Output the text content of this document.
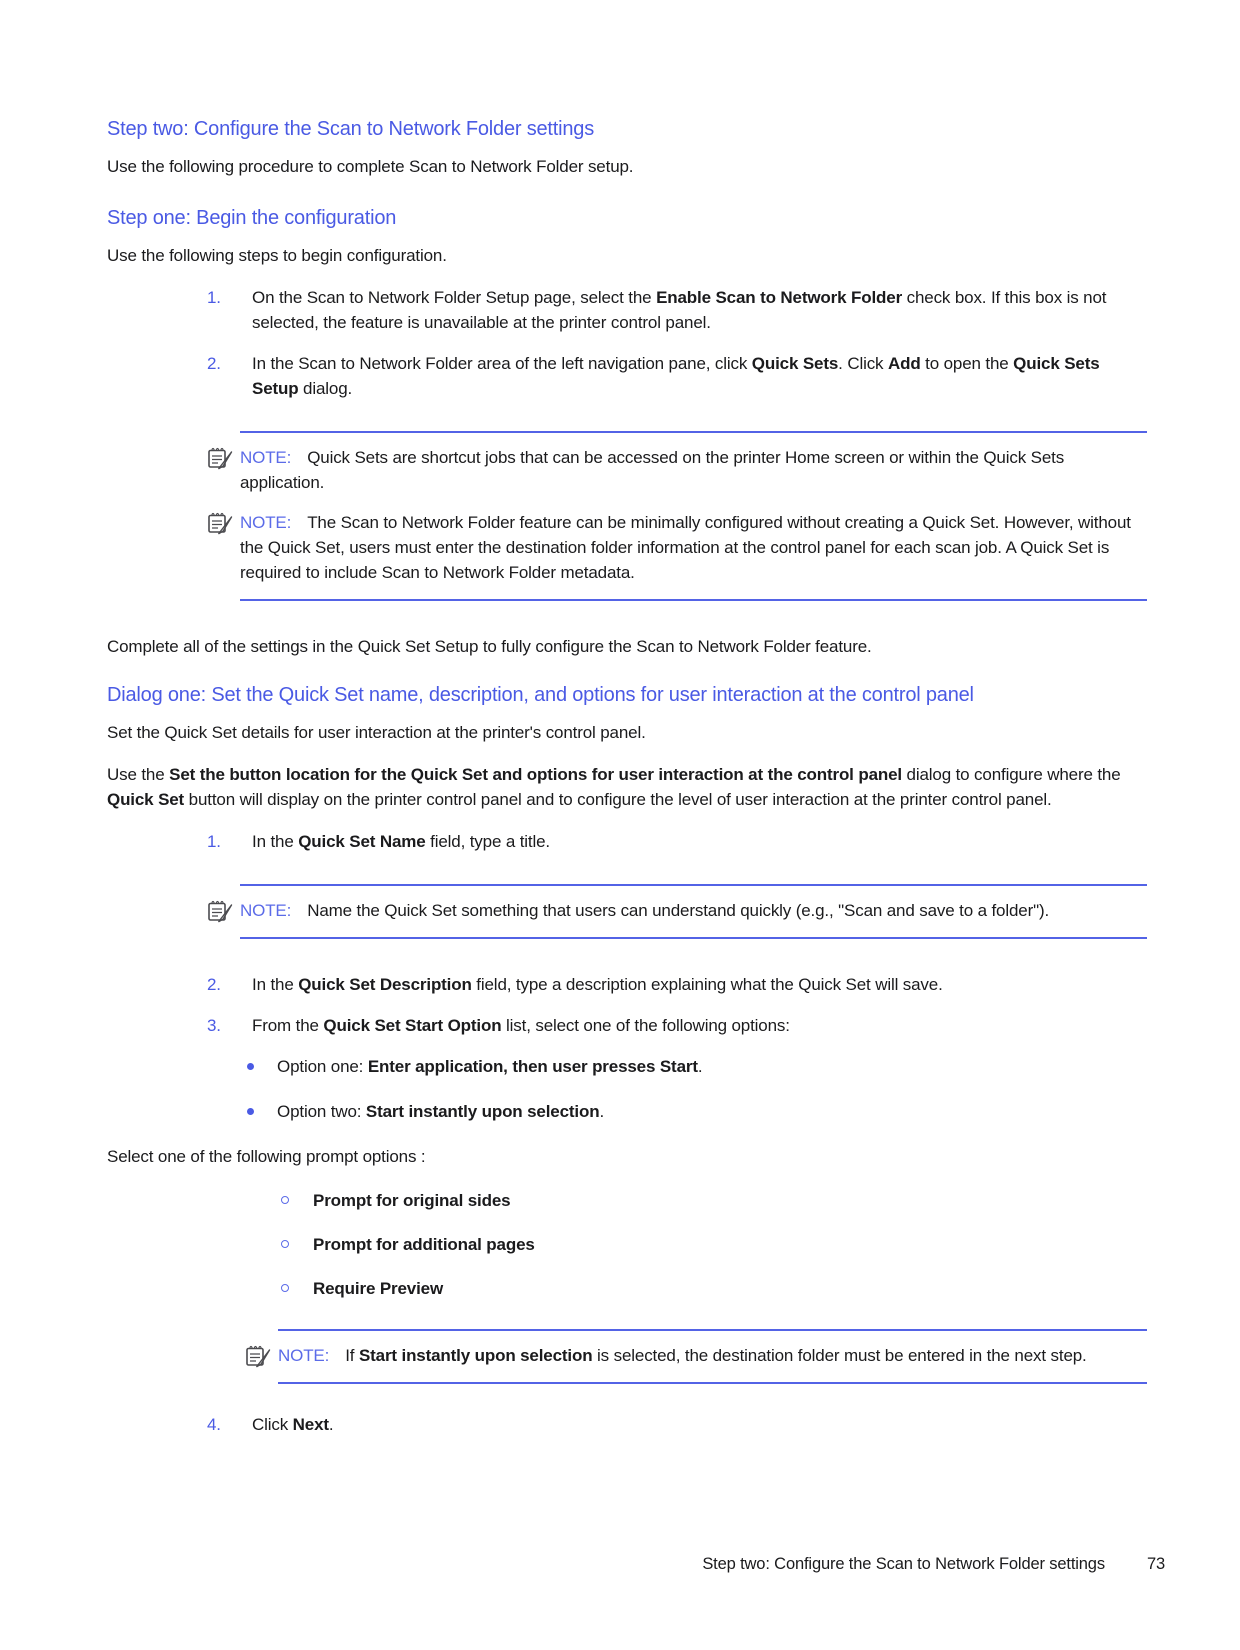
Step two: Configure the Scan to Network Folder settings

Use the following procedure to complete Scan to Network Folder setup.

Step one: Begin the configuration

Use the following steps to begin configuration.

1.	On the Scan to Network Folder Setup page, select the Enable Scan to Network Folder check box. If this box is not selected, the feature is unavailable at the printer control panel.
2.	In the Scan to Network Folder area of the left navigation pane, click Quick Sets. Click Add to open the Quick Sets Setup dialog.
NOTE: Quick Sets are shortcut jobs that can be accessed on the printer Home screen or within the Quick Sets application.
NOTE: The Scan to Network Folder feature can be minimally configured without creating a Quick Set. However, without the Quick Set, users must enter the destination folder information at the control panel for each scan job. A Quick Set is required to include Scan to Network Folder metadata.

Complete all of the settings in the Quick Set Setup to fully configure the Scan to Network Folder feature.

Dialog one: Set the Quick Set name, description, and options for user interaction at the control panel

Set the Quick Set details for user interaction at the printer's control panel.

Use the Set the button location for the Quick Set and options for user interaction at the control panel dialog to configure where the Quick Set button will display on the printer control panel and to configure the level of user interaction at the printer control panel.

1.	In the Quick Set Name field, type a title.
NOTE: Name the Quick Set something that users can understand quickly (e.g., "Scan and save to a folder").
2.	In the Quick Set Description field, type a description explaining what the Quick Set will save.
3.	From the Quick Set Start Option list, select one of the following options:
Option one: Enter application, then user presses Start.
Option two: Start instantly upon selection.

Select one of the following prompt options :

Prompt for original sides
Prompt for additional pages
Require Preview
NOTE: If Start instantly upon selection is selected, the destination folder must be entered in the next step.
4.	Click Next.
Step two: Configure the Scan to Network Folder settings	73
